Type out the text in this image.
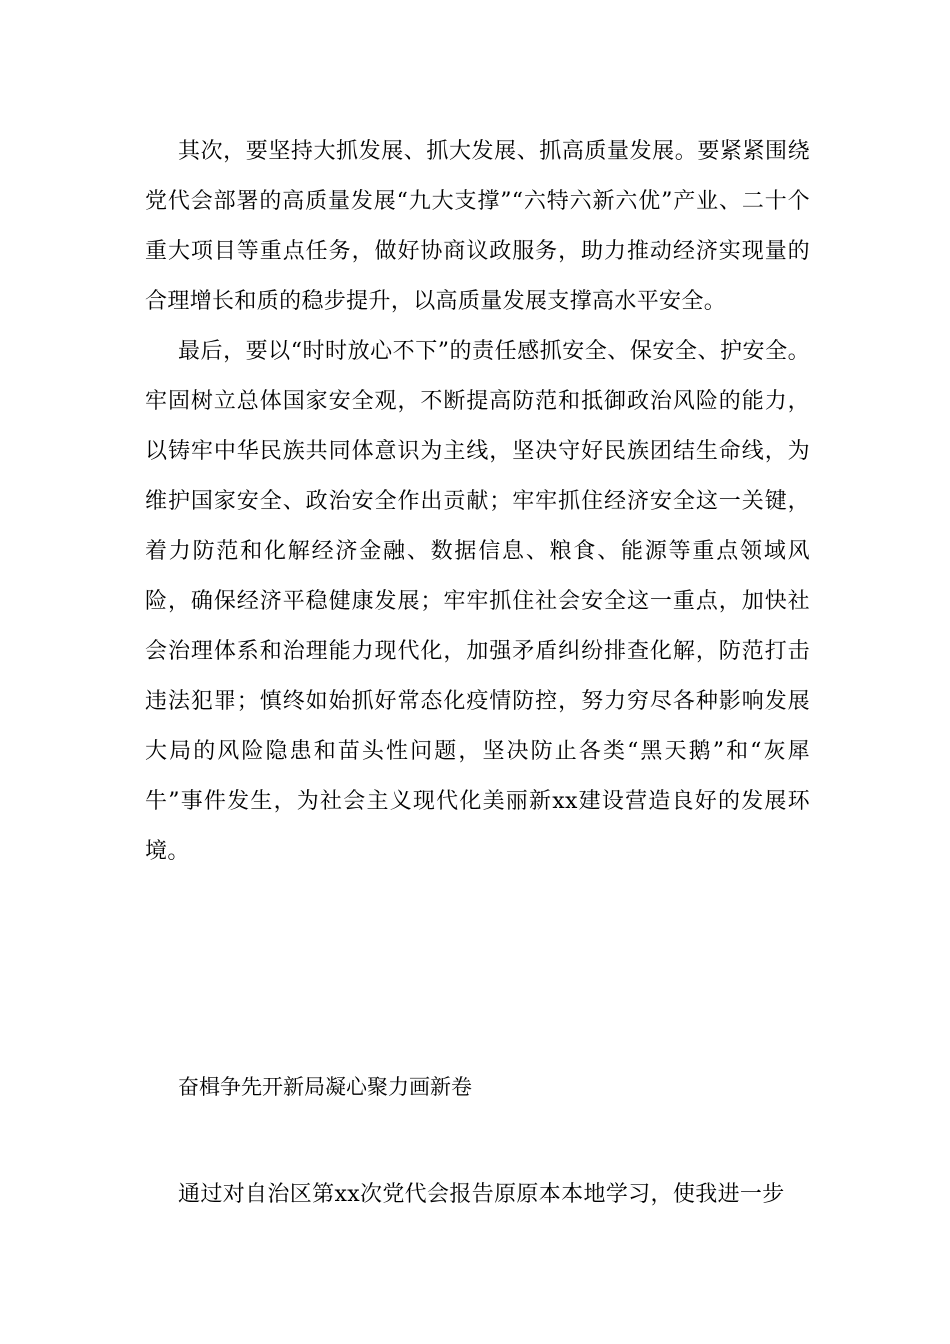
其次，要坚持大抓发展、抓大发展、抓高质量发展。要紧紧围绕党代会部署的高质量发展“九大支撑”“六特六新六优”产业、二十个重大项目等重点任务，做好协商议政服务，助力推动经济实现量的合理增长和质的稳步提升，以高质量发展支撑高水平安全。

最后，要以“时时放心不下”的责任感抓安全、保安全、护安全。牢固树立总体国家安全观，不断提高防范和抵御政治风险的能力，以铸牢中华民族共同体意识为主线，坚决守好民族团结生命线，为维护国家安全、政治安全作出贡献；牢牢抓住经济安全这一关键，着力防范和化解经济金融、数据信息、粮食、能源等重点领域风险，确保经济平稳健康发展；牢牢抓住社会安全这一重点，加快社会治理体系和治理能力现代化，加强矛盾纠纷排查化解，防范打击违法犯罪；慎终如始抓好常态化疫情防控，努力穷尽各种影响发展大局的风险隐患和苗头性问题，坚决防止各类“黑天鹅”和“灰犀牛”事件发生，为社会主义现代化美丽新xx建设营造良好的发展环境。

奋楫争先开新局凝心聚力画新卷

通过对自治区第xx次党代会报告原原本本地学习，使我进一步
